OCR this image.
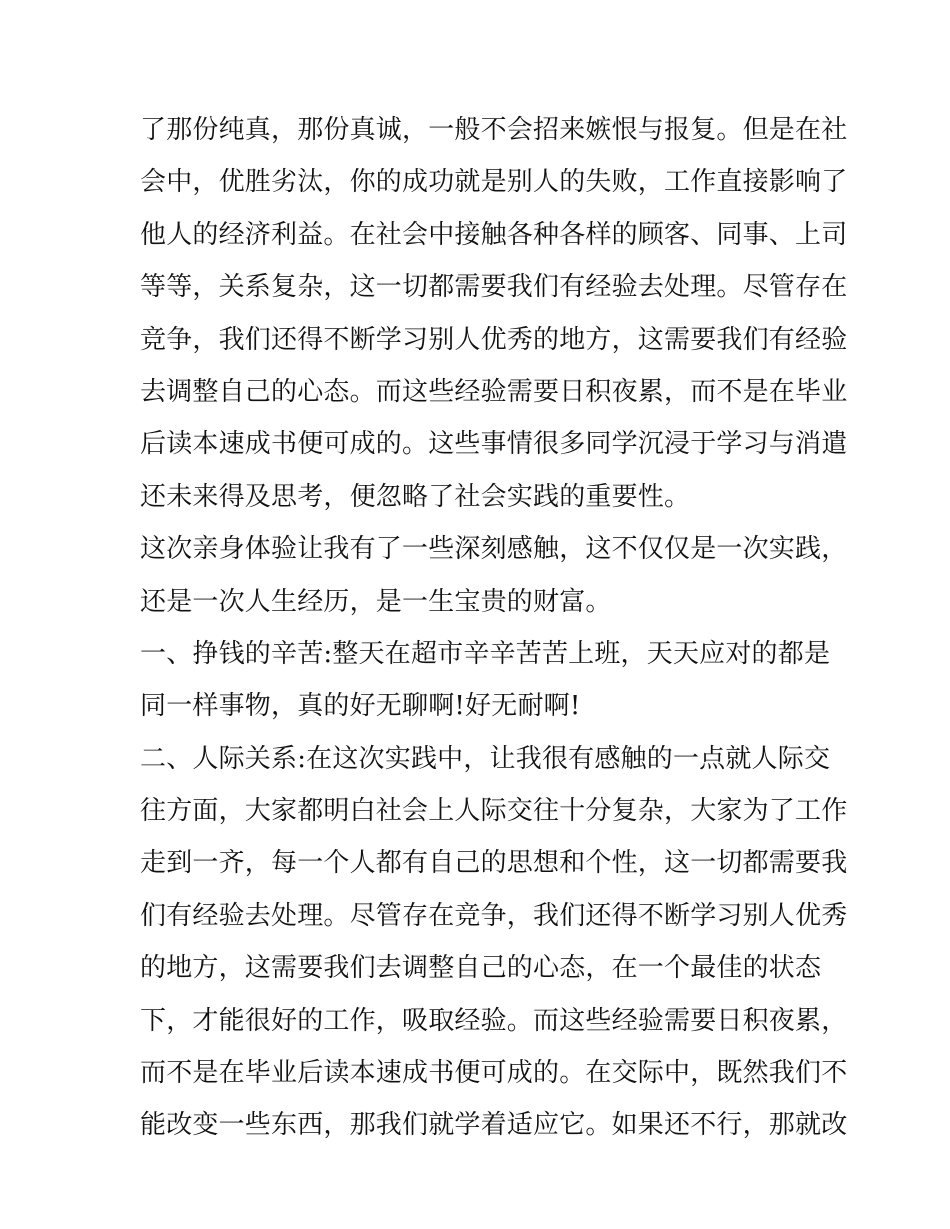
了那份纯真，那份真诚，一般不会招来嫉恨与报复。但是在社
会中，优胜劣汰，你的成功就是别人的失败，工作直接影响了
他人的经济利益。在社会中接触各种各样的顾客、同事、上司
等等，关系复杂，这一切都需要我们有经验去处理。尽管存在
竞争，我们还得不断学习别人优秀的地方，这需要我们有经验
去调整自己的心态。而这些经验需要日积夜累，而不是在毕业
后读本速成书便可成的。这些事情很多同学沉浸于学习与消遣
还未来得及思考，便忽略了社会实践的重要性。
这次亲身体验让我有了一些深刻感触，这不仅仅是一次实践，
还是一次人生经历，是一生宝贵的财富。
一、挣钱的辛苦:整天在超市辛辛苦苦上班，天天应对的都是
同一样事物，真的好无聊啊!好无耐啊!
二、人际关系:在这次实践中，让我很有感触的一点就人际交
往方面，大家都明白社会上人际交往十分复杂，大家为了工作
走到一齐，每一个人都有自己的思想和个性，这一切都需要我
们有经验去处理。尽管存在竞争，我们还得不断学习别人优秀
的地方，这需要我们去调整自己的心态，在一个最佳的状态
下，才能很好的工作，吸取经验。而这些经验需要日积夜累，
而不是在毕业后读本速成书便可成的。在交际中，既然我们不
能改变一些东西，那我们就学着适应它。如果还不行，那就改
